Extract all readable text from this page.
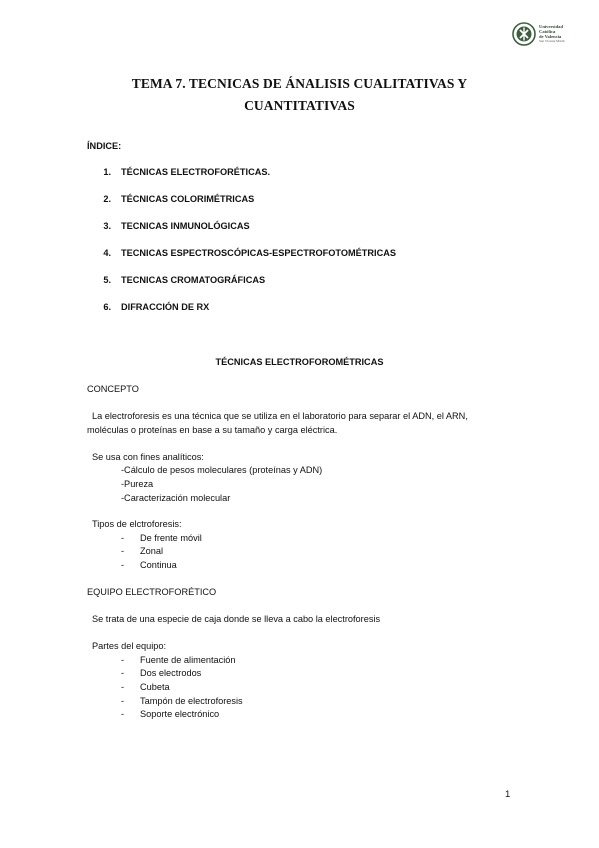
Universidad
Católica
de Valencia
San Vicente Mártir
TEMA 7. TECNICAS DE ÁNALISIS CUALITATIVAS Y
CUANTITATIVAS
ÍNDICE:
1. TÉCNICAS ELECTROFORÉTICAS.
2. TÉCNICAS COLORIMÉTRICAS
3. TECNICAS INMUNOLÓGICAS
4. TECNICAS ESPECTROSCÓPICAS-ESPECTROFOTOMÉTRICAS
5. TECNICAS CROMATOGRÁFICAS
6. DIFRACCIÓN DE RX
TÉCNICAS ELECTROFOROMÉTRICAS
CONCEPTO
La electroforesis es una técnica que se utiliza en el laboratorio para separar el ADN, el ARN,
moléculas o proteínas en base a su tamaño y carga eléctrica.
Se usa con fines analíticos:
-Cálculo de pesos moleculares (proteínas y ADN)
-Pureza
-Caracterización molecular
Tipos de elctroforesis:
- De frente móvil
- Zonal
- Continua
EQUIPO ELECTROFORÉTICO
Se trata de una especie de caja donde se lleva a cabo la electroforesis
Partes del equipo:
- Fuente de alimentación
- Dos electrodos
- Cubeta
- Tampón de electroforesis
- Soporte electrónico
1
